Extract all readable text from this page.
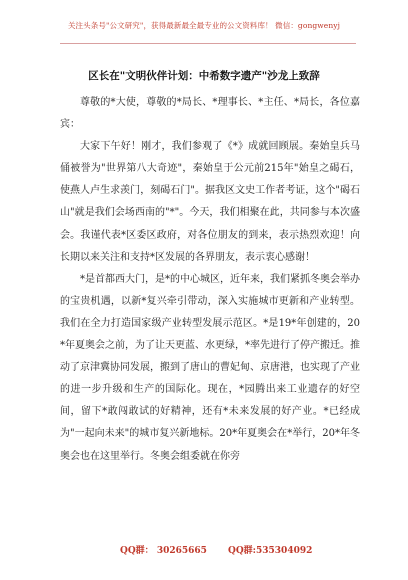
关注头条号"公文研究"，获得最新最全最专业的公文资料库！ 微信：gongwenyj
区长在"文明伙伴计划：中希数字遗产"沙龙上致辞

尊敬的*大使，尊敬的*局长、*理事长、*主任、*局长，各位嘉宾：

大家下午好！刚才，我们参观了《*》成就回顾展。秦始皇兵马俑被誉为"世界第八大奇迹"，秦始皇于公元前215年"始皇之碣石，使燕人卢生求羡门，刻碣石门"。据我区文史工作者考证，这个"碣石山"就是我们会场西南的"*"。今天，我们相聚在此，共同参与本次盛会。我谨代表*区委区政府，对各位朋友的到来，表示热烈欢迎！向长期以来关注和支持*区发展的各界朋友，表示衷心感谢！

*是首都西大门，是*的中心城区，近年来，我们紧抓冬奥会举办的宝贵机遇，以新*复兴牵引带动，深入实施城市更新和产业转型。我们在全力打造国家级产业转型发展示范区。*是19*年创建的，20*年夏奥会之前，为了让天更蓝、水更绿，*率先进行了停产搬迁。推动了京津冀协同发展，搬到了唐山的曹妃甸、京唐港，也实现了产业的进一步升级和生产的国际化。现在，*园腾出来工业遗存的好空间，留下*敢闯敢试的好精神，还有*未来发展的好产业。*已经成为"一起向未来"的城市复兴新地标。20*年夏奥会在*举行，20*年冬奥会也在这里举行。冬奥会组委就在你旁

QQ群： 30265665 QQ群:535304092
